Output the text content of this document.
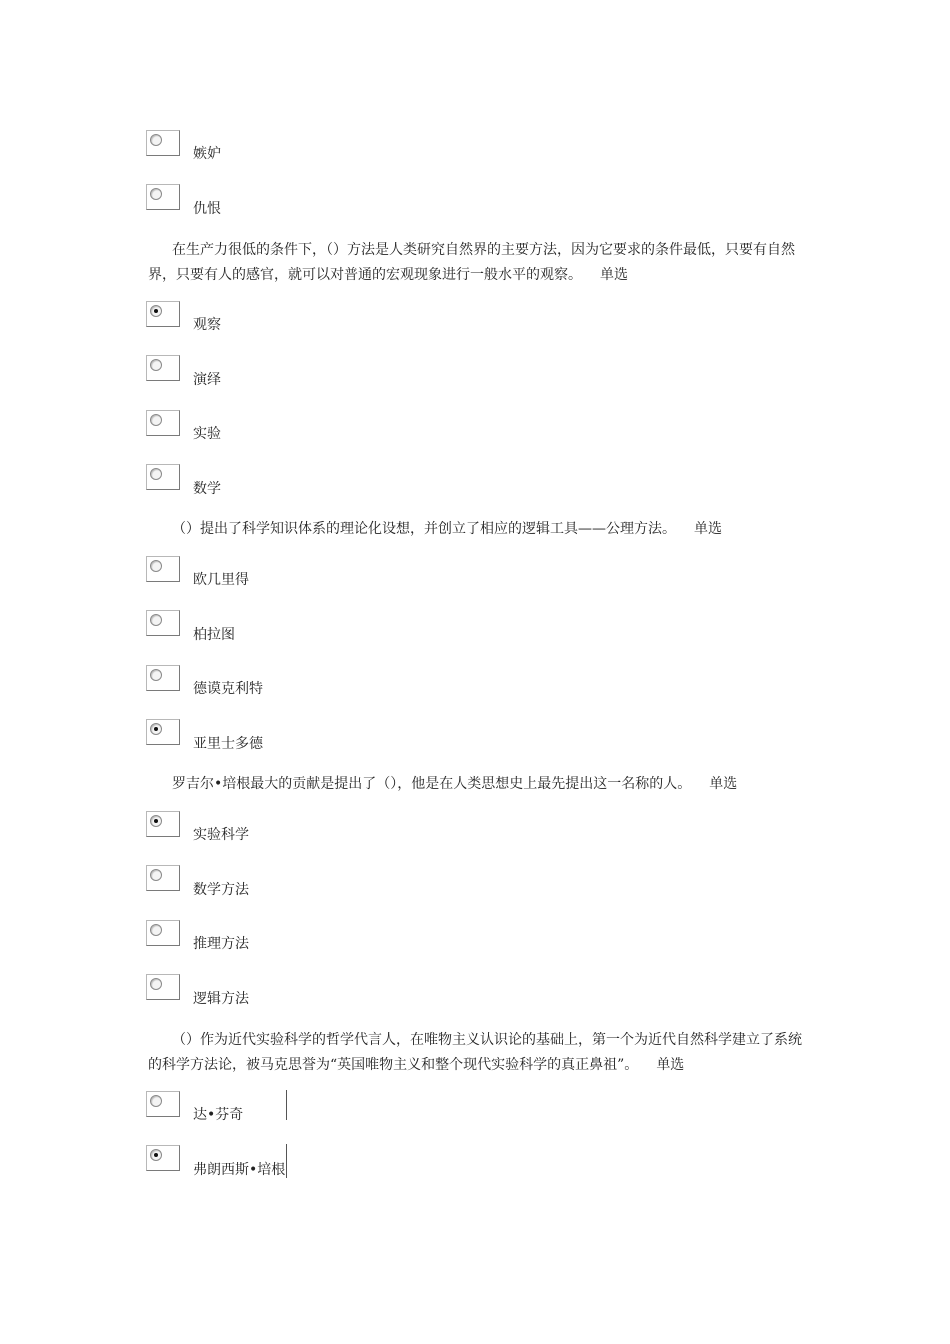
嫉妒
仇恨
在生产力很低的条件下，（）方法是人类研究自然界的主要方法，因为它要求的条件最低，只要有自然界，只要有人的感官，就可以对普通的宏观现象进行一般水平的观察。 单选
观察
演绎
实验
数学
（）提出了科学知识体系的理论化设想，并创立了相应的逻辑工具——公理方法。 单选
欧几里得
柏拉图
德谟克利特
亚里士多德
罗吉尔•培根最大的贡献是提出了（），他是在人类思想史上最先提出这一名称的人。 单选
实验科学
数学方法
推理方法
逻辑方法
（）作为近代实验科学的哲学代言人，在唯物主义认识论的基础上，第一个为近代自然科学建立了系统的科学方法论，被马克思誉为“英国唯物主义和整个现代实验科学的真正鼻祖”。 单选
达•芬奇
弗朗西斯•培根
